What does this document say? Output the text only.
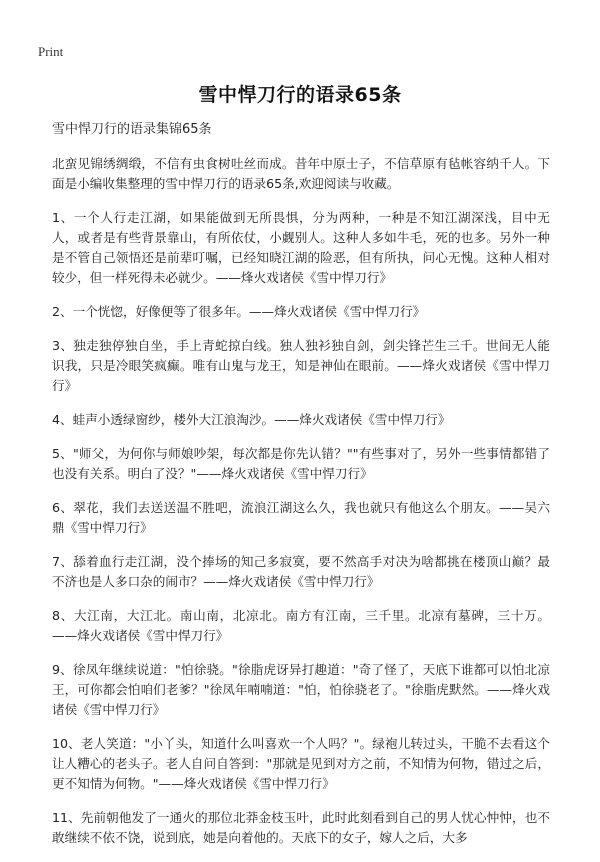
Print
雪中悍刀行的语录65条
雪中悍刀行的语录集锦65条

北蛮见锦绣绸缎，不信有虫食树吐丝而成。昔年中原士子，不信草原有毡帐容纳千人。下面是小编收集整理的雪中悍刀行的语录65条,欢迎阅读与收藏。

1、一个人行走江湖，如果能做到无所畏惧，分为两种，一种是不知江湖深浅，目中无人，或者是有些背景靠山，有所依仗，小觑别人。这种人多如牛毛，死的也多。另外一种是不管自己领悟还是前辈叮嘱，已经知晓江湖的险恶，但有所执，问心无愧。这种人相对较少，但一样死得未必就少。——烽火戏诸侯《雪中悍刀行》

2、一个恍惚，好像便等了很多年。——烽火戏诸侯《雪中悍刀行》

3、独走独停独自坐，手上青蛇掠白线。独人独衫独自剑，剑尖锋芒生三千。世间无人能识我，只是冷眼笑疯癫。唯有山鬼与龙王，知是神仙在眼前。——烽火戏诸侯《雪中悍刀行》

4、蛙声小透绿窗纱，楼外大江浪淘沙。——烽火戏诸侯《雪中悍刀行》

5、"师父，为何你与师娘吵架，每次都是你先认错？""有些事对了，另外一些事情都错了也没有关系。明白了没？"——烽火戏诸侯《雪中悍刀行》

6、翠花，我们去送送温不胜吧，流浪江湖这么久，我也就只有他这么个朋友。——吴六鼎《雪中悍刀行》

7、舔着血行走江湖，没个捧场的知己多寂寞，要不然高手对决为啥都挑在楼顶山巅？最不济也是人多口杂的闹市？——烽火戏诸侯《雪中悍刀行》

8、大江南，大江北。南山南，北凉北。南方有江南，三千里。北凉有墓碑，三十万。——烽火戏诸侯《雪中悍刀行》

9、徐凤年继续说道："怕徐骁。"徐脂虎讶异打趣道："奇了怪了，天底下谁都可以怕北凉王，可你都会怕咱们老爹？"徐凤年喃喃道："怕，怕徐骁老了。"徐脂虎默然。——烽火戏诸侯《雪中悍刀行》

10、老人笑道："小丫头，知道什么叫喜欢一个人吗？"。绿袍儿转过头，干脆不去看这个让人糟心的老头子。老人自问自答到："那就是见到对方之前，不知情为何物，错过之后，更不知情为何物。"——烽火戏诸侯《雪中悍刀行》

11、先前朝他发了一通火的那位北莽金枝玉叶，此时此刻看到自己的男人忧心忡忡，也不敢继续不依不饶，说到底，她是向着他的。天底下的女子，嫁人之后，大多
